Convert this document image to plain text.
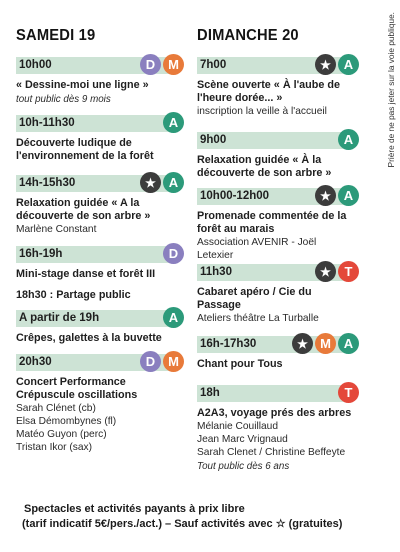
SAMEDI 19
10h00	D M
« Dessine-moi une ligne »
tout public dès 9 mois
10h-11h30	A
Découverte ludique de l'environnement de la forêt
14h-15h30	★ A
Relaxation guidée « A la découverte de son arbre »
Marlène Constant
16h-19h	D
Mini-stage danse et forêt III
18h30 : Partage public
A partir de 19h	A
Crêpes, galettes à la buvette
20h30	D M
Concert Performance Crépuscule oscillations
Sarah Clénet (cb)
Elsa Démombynes (fl)
Matéo Guyon (perc)
Tristan Ikor (sax)
DIMANCHE 20
7h00	★ A
Scène ouverte « À l'aube de l'heure dorée... »
inscription la veille à l'accueil
9h00	A
Relaxation guidée « À la découverte de son arbre »
10h00-12h00	★ A
Promenade commentée de la forêt au marais
Association AVENIR - Joël Letexier
11h30	★	T
Cabaret apéro / Cie du Passage
Ateliers théâtre La Turballe
16h-17h30	★ M A
Chant pour Tous
18h	T
A2A3, voyage prés des arbres
Mélanie Couillaud
Jean Marc Vrignaud
Sarah Clenet / Christine Beffeyte
Tout public dès 6 ans
Prière de ne pas jeter sur la voie publique.
Spectacles et activités payants à prix libre
(tarif indicatif 5€/pers./act.) – Sauf activités avec ☆ (gratuites)
